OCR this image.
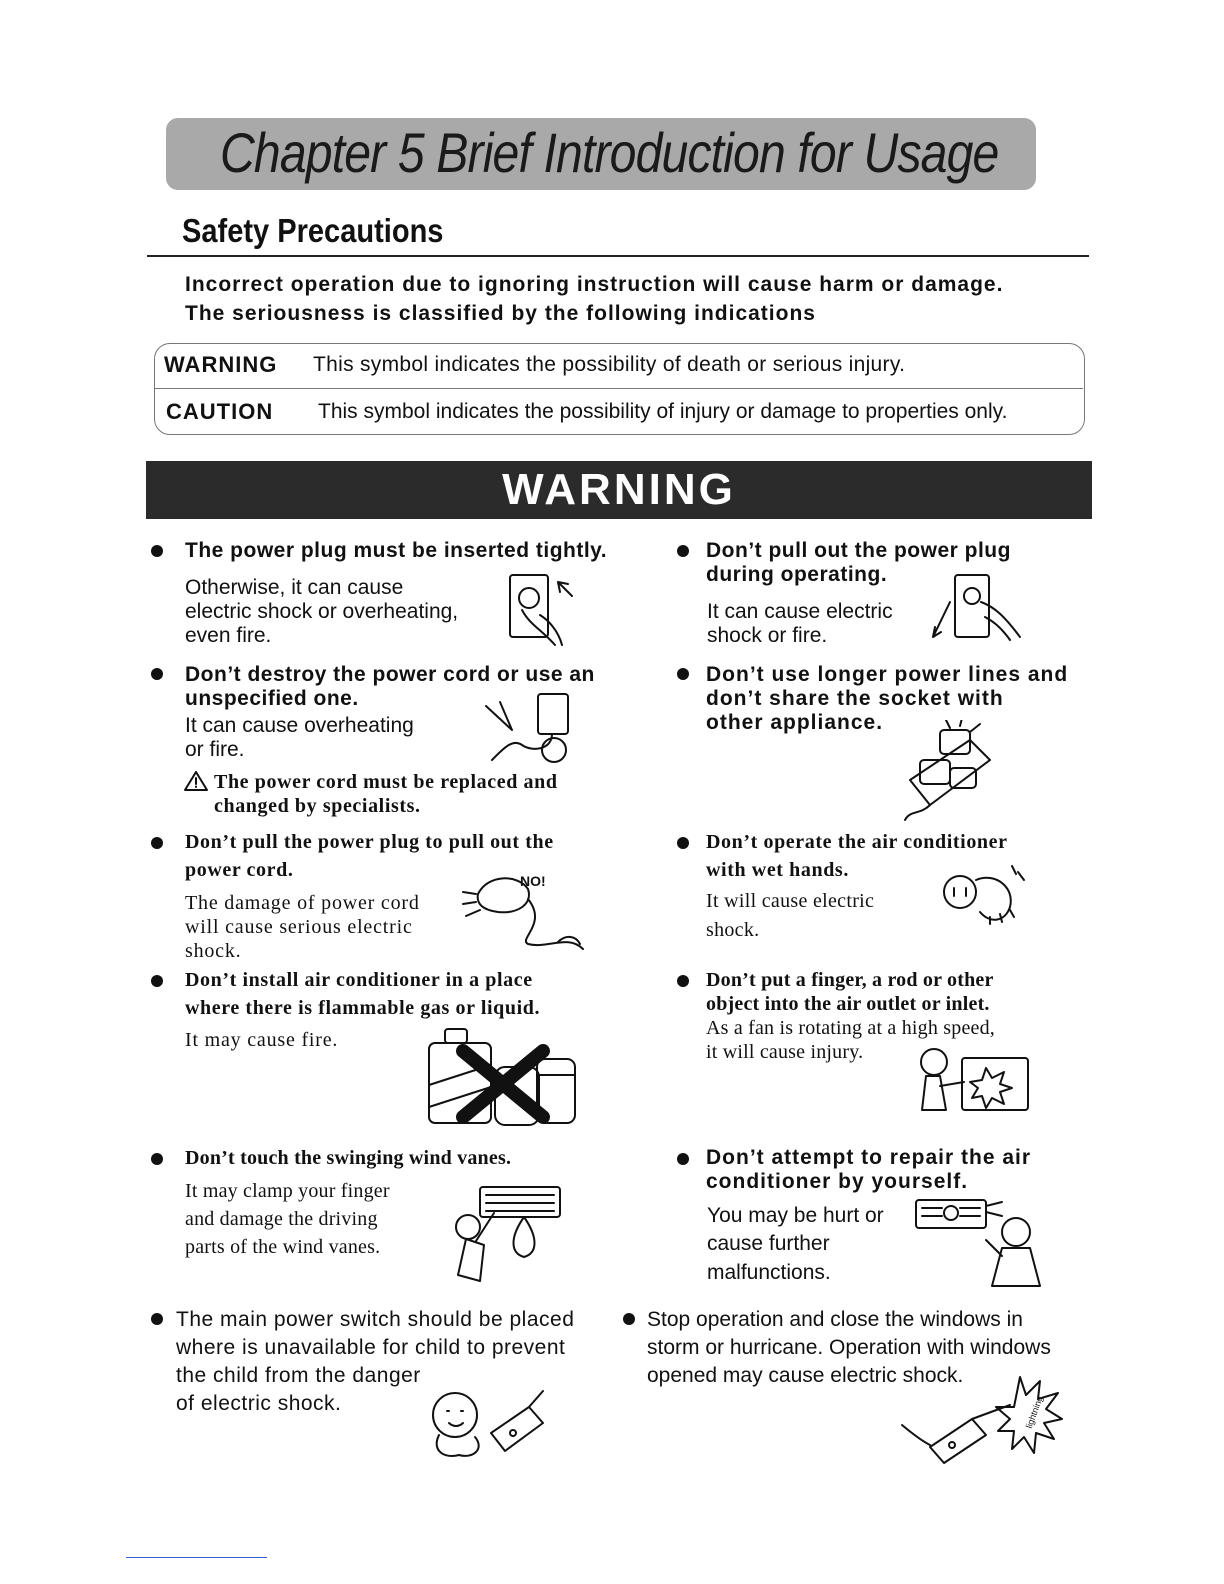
Chapter 5 Brief Introduction for Usage
Safety Precautions
Incorrect operation due to ignoring instruction will cause harm or damage.
The seriousness is classified by the following indications
WARNING This symbol indicates the possibility of death or serious injury.
CAUTION This symbol indicates the possibility of injury or damage to properties only.
WARNING
The power plug must be inserted tightly.
Otherwise, it can cause
electric shock or overheating,
even fire.
Don’t pull out the power plug
during operating.
It can cause electric
shock or fire.
Don’t destroy the power cord or use an
unspecified one.
It can cause overheating
or fire.
The power cord must be replaced and
changed by specialists.
Don’t use longer power lines and
don’t share the socket with
other appliance.
Don’t pull the power plug to pull out the
power cord.
The damage of power cord
will cause serious electric
shock.
NO!
Don’t operate the air conditioner
with wet hands.
It will cause electric
shock.
Don’t install air conditioner in a place
where there is flammable gas or liquid.
It may cause fire.
Don’t put a finger, a rod or other
object into the air outlet or inlet.
As a fan is rotating at a high speed,
it will cause injury.
Don’t touch the swinging wind vanes.
It may clamp your finger
and damage the driving
parts of the wind vanes.
Don’t attempt to repair the air
conditioner by yourself.
You may be hurt or
cause further
malfunctions.
The main power switch should be placed
where is unavailable for child to prevent
the child from the danger
of electric shock.
Stop operation and close the windows in
storm or hurricane. Operation with windows
opened may cause electric shock.
lightning
